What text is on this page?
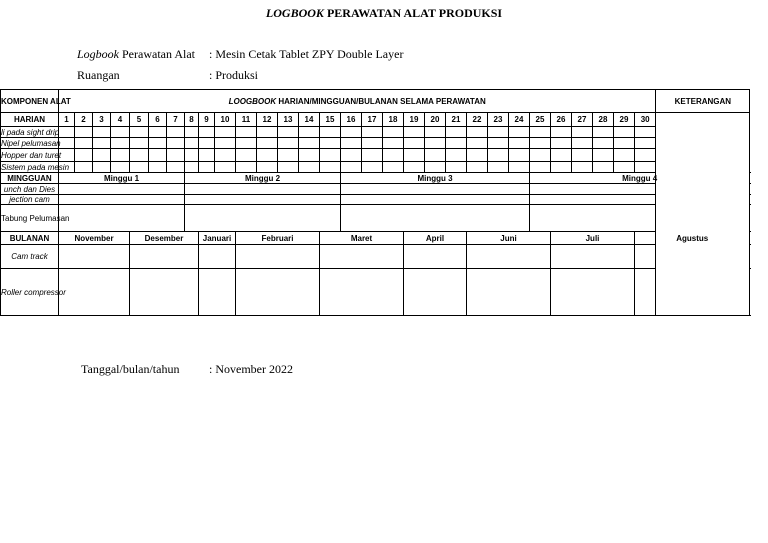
LOGBOOK PERAWATAN ALAT PRODUKSI
Logbook Perawatan Alat : Mesin Cetak Tablet ZPY Double Layer
Ruangan	: Produksi
KOMPONEN ALAT	LOOGBOOK HARIAN/MINGGUAN/BULANAN SELAMA PERAWATAN																														KETERANGAN	
HARIAN	1	2	3	4	5	6	7	8	9	10	11	12	13	14	15	16	17	18	19	20	21	22	23	24	25	26	27	28	29	30		
li pada sight drip																																
Nipel pelumasan																																
Hopper dan turet																																
Sistem pada mesin																																
MINGGUAN	Minggu 1							Minggu 2								Minggu 3									Minggu 4	
unch dan Dies																																
jection cam																																
Tabung Pelumasan																																

BULANAN	November				Desember				Januari		Februari				Maret				April			Juni				Juli				Agustus	
Cam track																																

Roller compressor																																

Tanggal/bulan/tahun : November 2022
